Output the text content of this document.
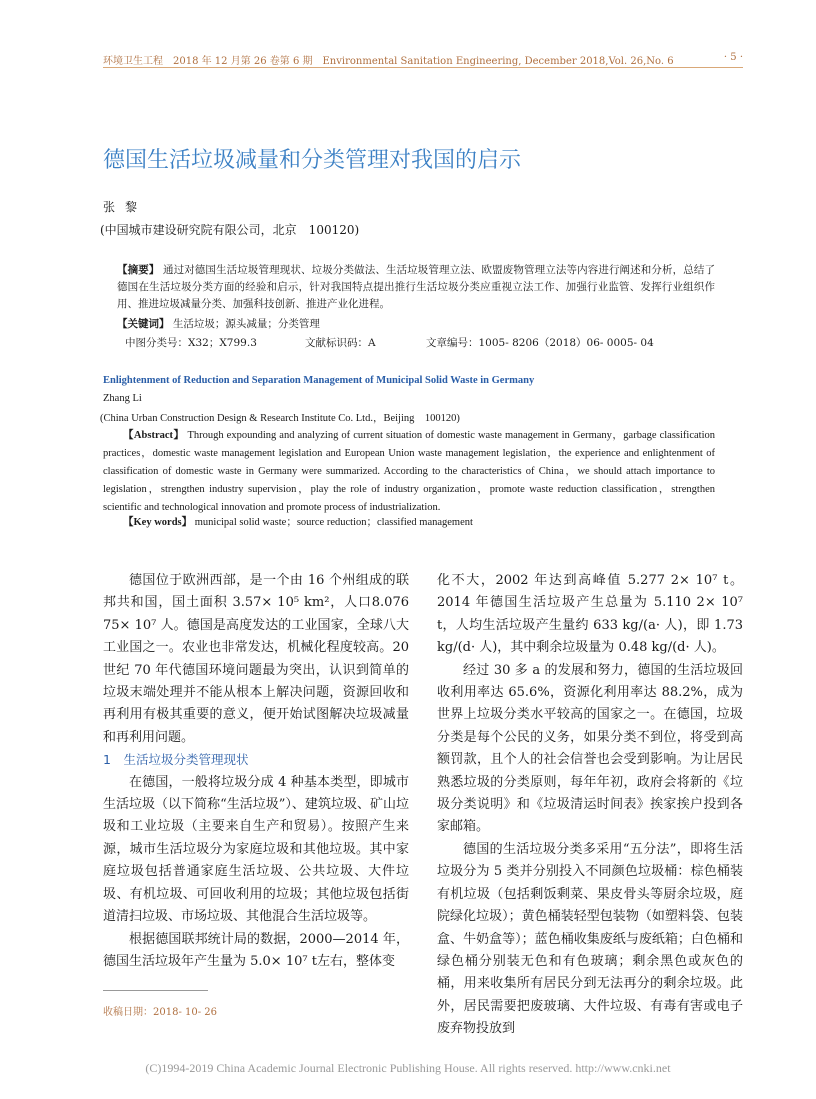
环境卫生工程　2018 年 12 月第 26 卷第 6 期　Environmental Sanitation Engineering, December 2018,Vol. 26,No. 6	· 5 ·
德国生活垃圾减量和分类管理对我国的启示
张黎
(中国城市建设研究院有限公司，北京　100120)
【摘要】 通过对德国生活垃圾管理现状、垃圾分类做法、生活垃圾管理立法、欧盟废物管理立法等内容进行阐述和分析，总结了德国在生活垃圾分类方面的经验和启示，针对我国特点提出推行生活垃圾分类应重视立法工作、加强行业监管、发挥行业组织作用、推进垃圾减量分类、加强科技创新、推进产业化进程。
【关键词】 生活垃圾；源头减量；分类管理
中图分类号：X32；X799.3	文献标识码：A	文章编号：1005- 8206（2018）06- 0005- 04
Enlightenment of Reduction and Separation Management of Municipal Solid Waste in Germany
Zhang Li
(China Urban Construction Design & Research Institute Co. Ltd.，Beijing　100120)
【Abstract】 Through expounding and analyzing of current situation of domestic waste management in Germany，garbage classification practices，domestic waste management legislation and European Union waste management legislation，the experience and enlightenment of classification of domestic waste in Germany were summarized. According to the characteristics of China，we should attach importance to legislation，strengthen industry supervision，play the role of industry organization，promote waste reduction classification，strengthen scientific and technological innovation and promote process of industrialization.
【Key words】 municipal solid waste；source reduction；classified management

德国位于欧洲西部，是一个由 16 个州组成的联邦共和国，国土面积 3.57× 10⁵ km²，人口8.076 75× 10⁷ 人。德国是高度发达的工业国家，全球八大工业国之一。农业也非常发达，机械化程度较高。20 世纪 70 年代德国环境问题最为突出，认识到简单的垃圾末端处理并不能从根本上解决问题，资源回收和再利用有极其重要的意义，便开始试图解决垃圾减量和再利用问题。

1　生活垃圾分类管理现状

在德国，一般将垃圾分成 4 种基本类型，即城市生活垃圾（以下简称“生活垃圾”）、建筑垃圾、矿山垃圾和工业垃圾（主要来自生产和贸易）。按照产生来源，城市生活垃圾分为家庭垃圾和其他垃圾。其中家庭垃圾包括普通家庭生活垃圾、公共垃圾、大件垃圾、有机垃圾、可回收利用的垃圾；其他垃圾包括街道清扫垃圾、市场垃圾、其他混合生活垃圾等。

根据德国联邦统计局的数据，2000—2014 年，德国生活垃圾年产生量为 5.0× 10⁷ t左右，整体变

化不大，2002 年达到高峰值 5.277 2× 10⁷ t。2014 年德国生活垃圾产生总量为 5.110 2× 10⁷ t，人均生活垃圾产生量约 633 kg/(a· 人)，即 1.73 kg/(d· 人)，其中剩余垃圾量为 0.48 kg/(d· 人)。

经过 30 多 a 的发展和努力，德国的生活垃圾回收利用率达 65.6%，资源化利用率达 88.2%，成为世界上垃圾分类水平较高的国家之一。在德国，垃圾分类是每个公民的义务，如果分类不到位，将受到高额罚款，且个人的社会信誉也会受到影响。为让居民熟悉垃圾的分类原则，每年年初，政府会将新的《垃圾分类说明》和《垃圾清运时间表》挨家挨户投到各家邮箱。

德国的生活垃圾分类多采用“五分法”，即将生活垃圾分为 5 类并分别投入不同颜色垃圾桶：棕色桶装有机垃圾（包括剩饭剩菜、果皮骨头等厨余垃圾，庭院绿化垃圾）；黄色桶装轻型包装物（如塑料袋、包装盒、牛奶盒等）；蓝色桶收集废纸与废纸箱；白色桶和绿色桶分别装无色和有色玻璃；剩余黑色或灰色的桶，用来收集所有居民分到无法再分的剩余垃圾。此外，居民需要把废玻璃、大件垃圾、有毒有害或电子废弃物投放到

收稿日期：2018- 10- 26
(C)1994-2019 China Academic Journal Electronic Publishing House. All rights reserved. http://www.cnki.net
